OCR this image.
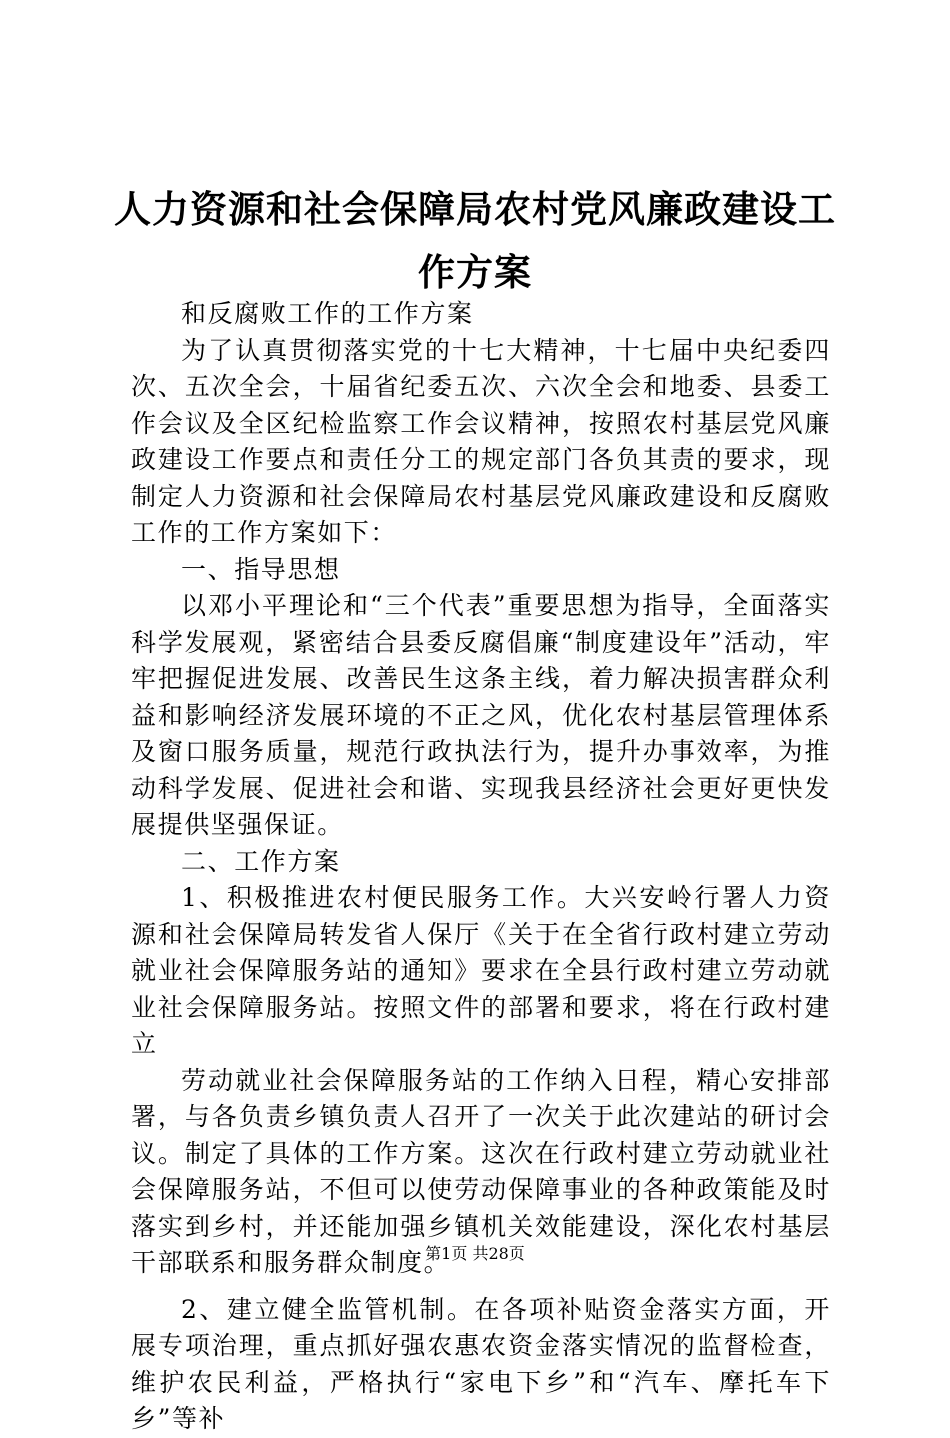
人力资源和社会保障局农村党风廉政建设工作方案

和反腐败工作的工作方案

为了认真贯彻落实党的十七大精神，十七届中央纪委四次、五次全会，十届省纪委五次、六次全会和地委、县委工作会议及全区纪检监察工作会议精神，按照农村基层党风廉政建设工作要点和责任分工的规定部门各负其责的要求，现制定人力资源和社会保障局农村基层党风廉政建设和反腐败工作的工作方案如下：

一、指导思想

以邓小平理论和“三个代表”重要思想为指导，全面落实科学发展观，紧密结合县委反腐倡廉“制度建设年”活动，牢牢把握促进发展、改善民生这条主线，着力解决损害群众利益和影响经济发展环境的不正之风，优化农村基层管理体系及窗口服务质量，规范行政执法行为，提升办事效率，为推动科学发展、促进社会和谐、实现我县经济社会更好更快发展提供坚强保证。

二、工作方案

1、积极推进农村便民服务工作。大兴安岭行署人力资源和社会保障局转发省人保厅《关于在全省行政村建立劳动就业社会保障服务站的通知》要求在全县行政村建立劳动就业社会保障服务站。按照文件的部署和要求，将在行政村建立

劳动就业社会保障服务站的工作纳入日程，精心安排部署，与各负责乡镇负责人召开了一次关于此次建站的研讨会议。制定了具体的工作方案。这次在行政村建立劳动就业社会保障服务站，不但可以使劳动保障事业的各种政策能及时落实到乡村，并还能加强乡镇机关效能建设，深化农村基层干部联系和服务群众制度。

2、建立健全监管机制。在各项补贴资金落实方面，开展专项治理，重点抓好强农惠农资金落实情况的监督检查，维护农民利益，严格执行“家电下乡”和“汽车、摩托车下乡”等补

第1页 共28页
